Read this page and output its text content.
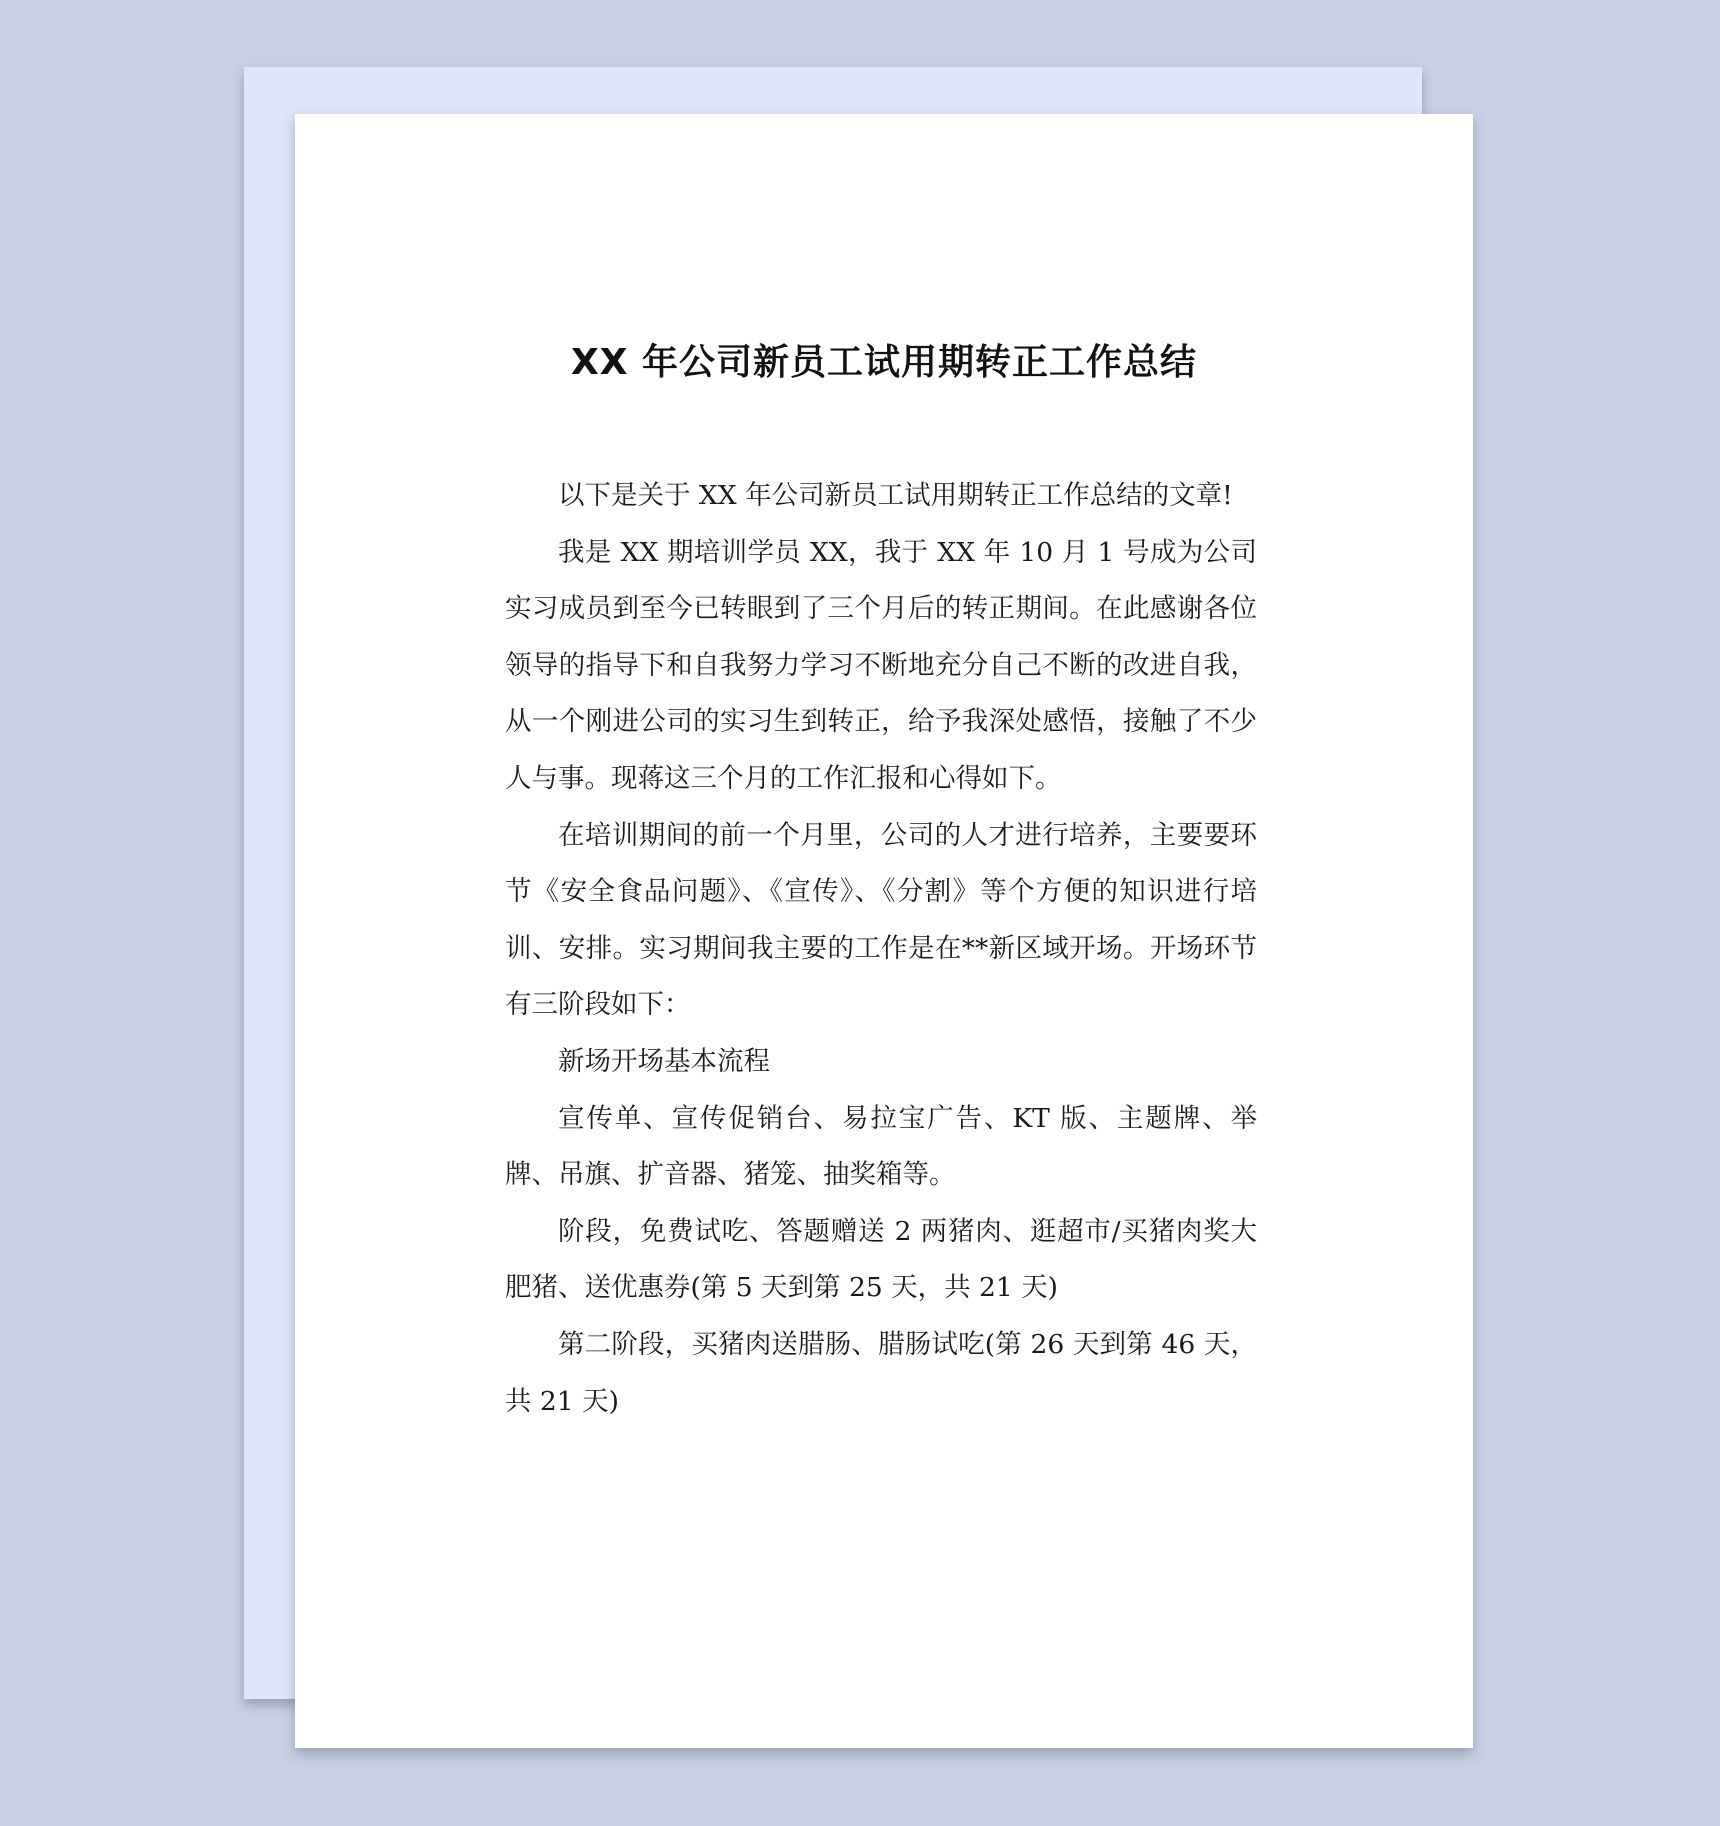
XX 年公司新员工试用期转正工作总结

以下是关于 XX 年公司新员工试用期转正工作总结的文章!

我是 XX 期培训学员 XX，我于 XX 年 10 月 1 号成为公司实习成员到至今已转眼到了三个月后的转正期间。在此感谢各位领导的指导下和自我努力学习不断地充分自己不断的改进自我，从一个刚进公司的实习生到转正，给予我深处感悟，接触了不少人与事。现蒋这三个月的工作汇报和心得如下。

在培训期间的前一个月里，公司的人才进行培养，主要要环节《安全食品问题》、《宣传》、《分割》等个方便的知识进行培训、安排。实习期间我主要的工作是在**新区域开场。开场环节有三阶段如下：

新场开场基本流程

宣传单、宣传促销台、易拉宝广告、KT 版、主题牌、举牌、吊旗、扩音器、猪笼、抽奖箱等。

阶段，免费试吃、答题赠送 2 两猪肉、逛超市/买猪肉奖大肥猪、送优惠券(第 5 天到第 25 天，共 21 天)

第二阶段，买猪肉送腊肠、腊肠试吃(第 26 天到第 46 天，共 21 天)
